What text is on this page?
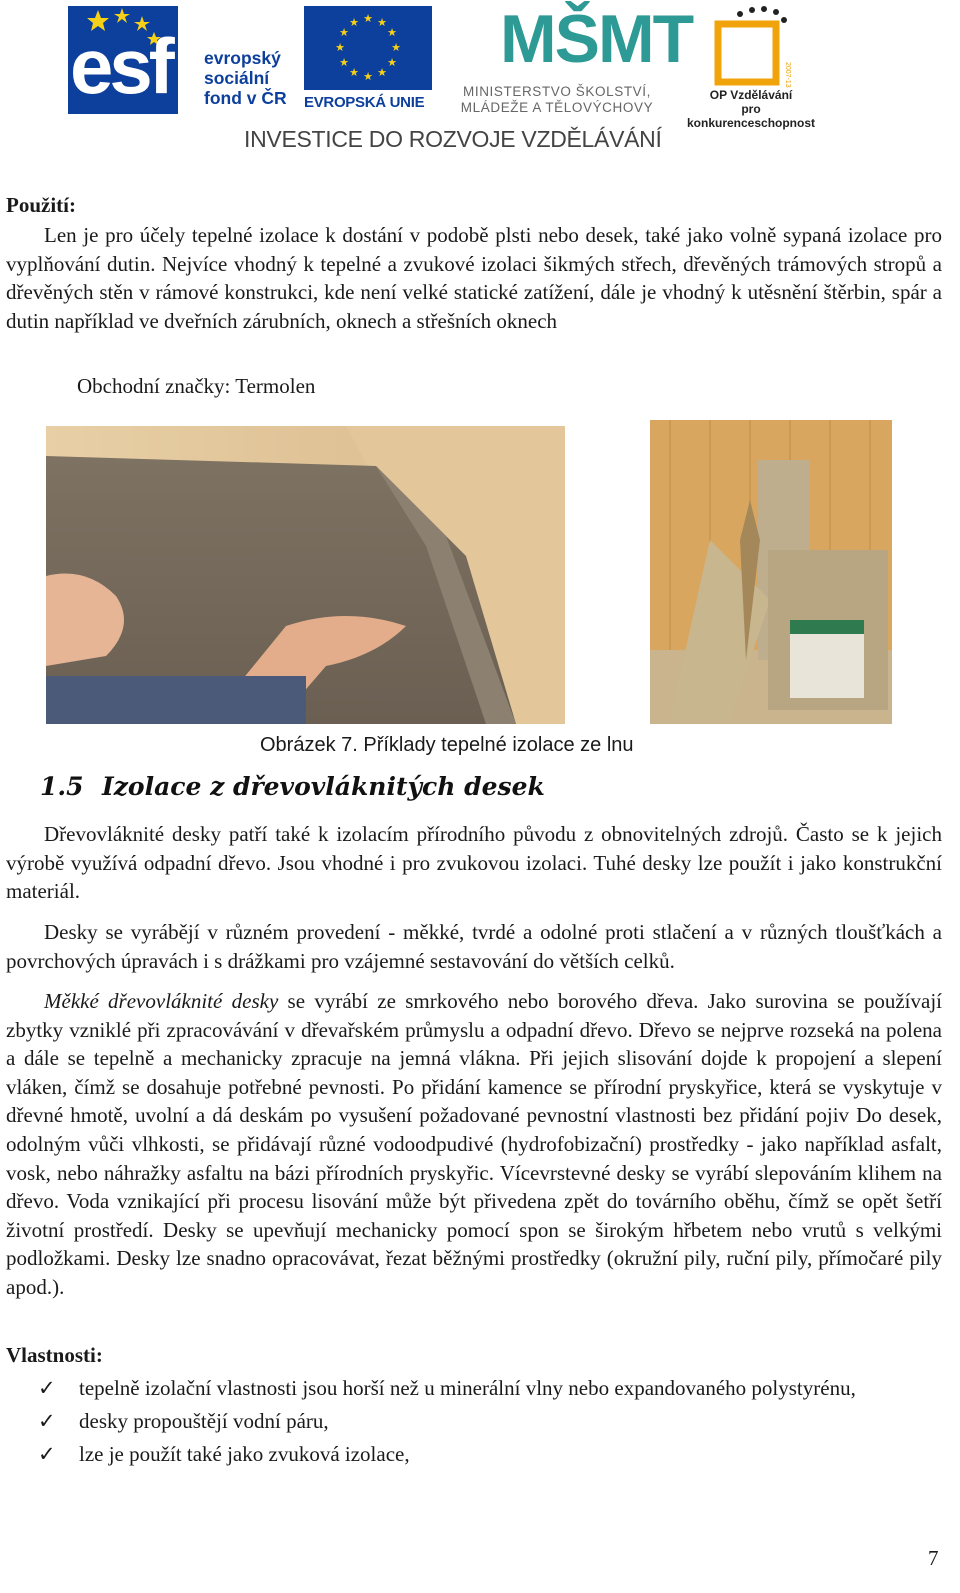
esf evropský
sociální
fond v ČR
★ ★
★
★
★
★
★
★
★
★
★
★
EVROPSKÁ UNIE
MŠMT
MINISTERSTVO ŠKOLSTVÍ,
MLÁDEŽE A TĚLOVÝCHOVY
2007-13
OP Vzdělávání
pro konkurenceschopnost
INVESTICE DO ROZVOJE VZDĚLÁVÁNÍ
Použití:

Len je pro účely tepelné izolace k dostání v podobě plsti nebo desek, také jako volně sypaná izolace pro vyplňování dutin. Nejvíce vhodný k tepelné a zvukové izolaci šikmých střech, dřevěných trámových stropů a dřevěných stěn v rámové konstrukci, kde není velké statické zatížení, dále je vhodný k utěsnění štěrbin, spár a dutin například ve dveřních zárubních, oknech a střešních oknech

Obchodní značky: Termolen
Obrázek 7. Příklady tepelné izolace ze lnu
1.5 Izolace z dřevovláknitých desek

Dřevovláknité desky patří také k izolacím přírodního původu z obnovitelných zdrojů. Často se k jejich výrobě využívá odpadní dřevo. Jsou vhodné i pro zvukovou izolaci. Tuhé desky lze použít i jako konstrukční materiál.

Desky se vyrábějí v různém provedení - měkké, tvrdé a odolné proti stlačení a v různých tloušťkách a povrchových úpravách i s drážkami pro vzájemné sestavování do větších celků.

Měkké dřevovláknité desky se vyrábí ze smrkového nebo borového dřeva. Jako surovina se používají zbytky vzniklé při zpracovávání v dřevařském průmyslu a odpadní dřevo. Dřevo se nejprve rozseká na polena a dále se tepelně a mechanicky zpracuje na jemná vlákna. Při jejich slisování dojde k propojení a slepení vláken, čímž se dosahuje potřebné pevnosti. Po přidání kamence se přírodní pryskyřice, která se vyskytuje v dřevné hmotě, uvolní a dá deskám po vysušení požadované pevnostní vlastnosti bez přidání pojiv Do desek, odolným vůči vlhkosti, se přidávají různé vodoodpudivé (hydrofobizační) prostředky - jako například asfalt, vosk, nebo náhražky asfaltu na bázi přírodních pryskyřic. Vícevrstevné desky se vyrábí slepováním klihem na dřevo. Voda vznikající při procesu lisování může být přivedena zpět do továrního oběhu, čímž se opět šetří životní prostředí. Desky se upevňují mechanicky pomocí spon se širokým hřbetem nebo vrutů s velkými podložkami. Desky lze snadno opracovávat, řezat běžnými prostředky (okružní pily, ruční pily, přímočaré pily apod.).

Vlastnosti:
✓ tepelně izolační vlastnosti jsou horší než u minerální vlny nebo expandovaného polystyrénu,
✓ desky propouštějí vodní páru,
✓ lze je použít také jako zvuková izolace,
7
